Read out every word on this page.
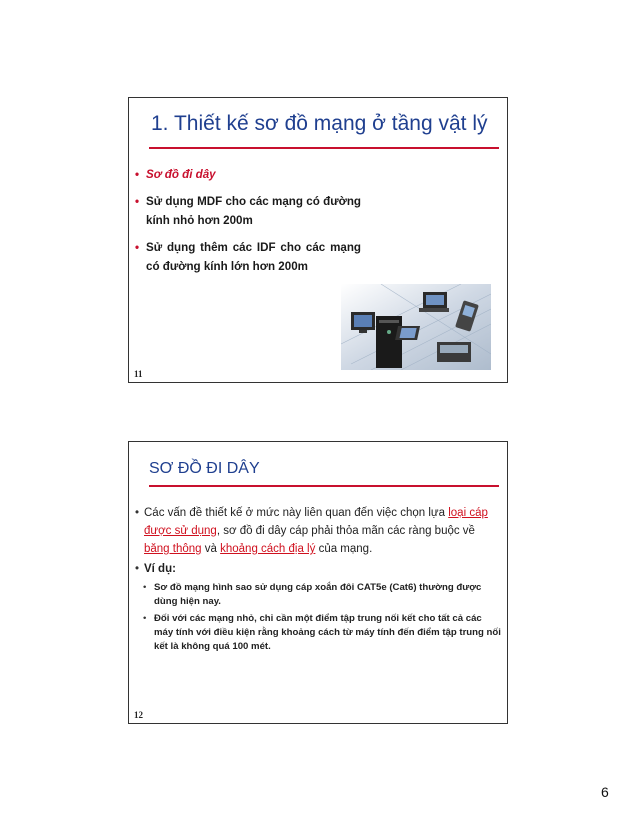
1. Thiết kế sơ đồ mạng ở tầng vật lý
• Sơ đồ đi dây
• Sử dụng MDF cho các mạng có đường kính nhỏ hơn 200m
• Sử dụng thêm các IDF cho các mạng có đường kính lớn hơn 200m
11
SƠ ĐỒ ĐI DÂY
• Các vấn đề thiết kế ở mức này liên quan đến việc chọn lựa loại cáp được sử dụng, sơ đồ đi dây cáp phải thỏa mãn các ràng buộc về băng thông và khoảng cách địa lý của mạng.
• Ví dụ:
• Sơ đồ mạng hình sao sử dụng cáp xoắn đôi CAT5e (Cat6) thường được dùng hiện nay.
• Đối với các mạng nhỏ, chỉ cần một điểm tập trung nối kết cho tất cả các máy tính với điều kiện rằng khoảng cách từ máy tính đến điểm tập trung nối kết là không quá 100 mét.
12
6
